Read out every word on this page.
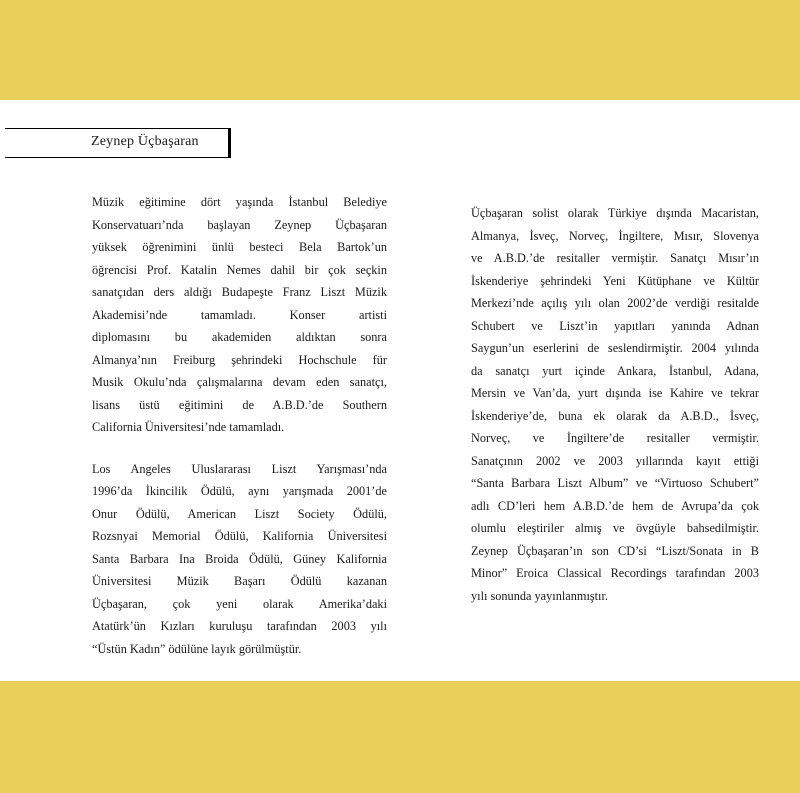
Zeynep Üçbaşaran

Müzik eğitimine dört yaşında İstanbul Belediye
Konservatuarı’nda başlayan Zeynep Üçbaşaran
yüksek öğrenimini ünlü besteci Bela Bartok’un
öğrencisi Prof. Katalin Nemes dahil bir çok seçkin
sanatçıdan ders aldığı Budapeşte Franz Liszt Müzik
Akademisi’nde tamamladı. Konser artisti
diplomasını bu akademiden aldıktan sonra
Almanya’nın Freiburg şehrindeki Hochschule für
Musik Okulu’nda çalışmalarına devam eden sanatçı,
lisans üstü eğitimini de A.B.D.’de Southern
California Üniversitesi’nde tamamladı.

Los Angeles Uluslararası Liszt Yarışması’nda
1996’da İkincilik Ödülü, aynı yarışmada 2001’de
Onur Ödülü, American Liszt Society Ödülü,
Rozsnyai Memorial Ödülü, Kalifornia Üniversitesi
Santa Barbara Ina Broida Ödülü, Güney Kalifornia
Üniversitesi Müzik Başarı Ödülü kazanan
Üçbaşaran, çok yeni olarak Amerika’daki
Atatürk’ün Kızları kuruluşu tarafından 2003 yılı
“Üstün Kadın” ödülüne layık görülmüştür.

Üçbaşaran solist olarak Türkiye dışında Macaristan,
Almanya, İsveç, Norveç, İngiltere, Mısır, Slovenya
ve A.B.D.’de resitaller vermiştir. Sanatçı Mısır’ın
İskenderiye şehrindeki Yeni Kütüphane ve Kültür
Merkezi’nde açılış yılı olan 2002’de verdiği resitalde
Schubert ve Liszt’in yapıtları yanında Adnan
Saygun’un eserlerini de seslendirmiştir. 2004 yılında
da sanatçı yurt içinde Ankara, İstanbul, Adana,
Mersin ve Van’da, yurt dışında ise Kahire ve tekrar
İskenderiye’de, buna ek olarak da A.B.D., İsveç,
Norveç, ve İngiltere’de resitaller vermiştir.
Sanatçının 2002 ve 2003 yıllarında kayıt ettiği
“Santa Barbara Liszt Album” ve “Virtuoso Schubert”
adlı CD’leri hem A.B.D.’de hem de Avrupa’da çok
olumlu eleştiriler almış ve övgüyle bahsedilmiştir.
Zeynep Üçbaşaran’ın son CD’si “Liszt/Sonata in B
Minor” Eroica Classical Recordings tarafından 2003
yılı sonunda yayınlanmıştır.
